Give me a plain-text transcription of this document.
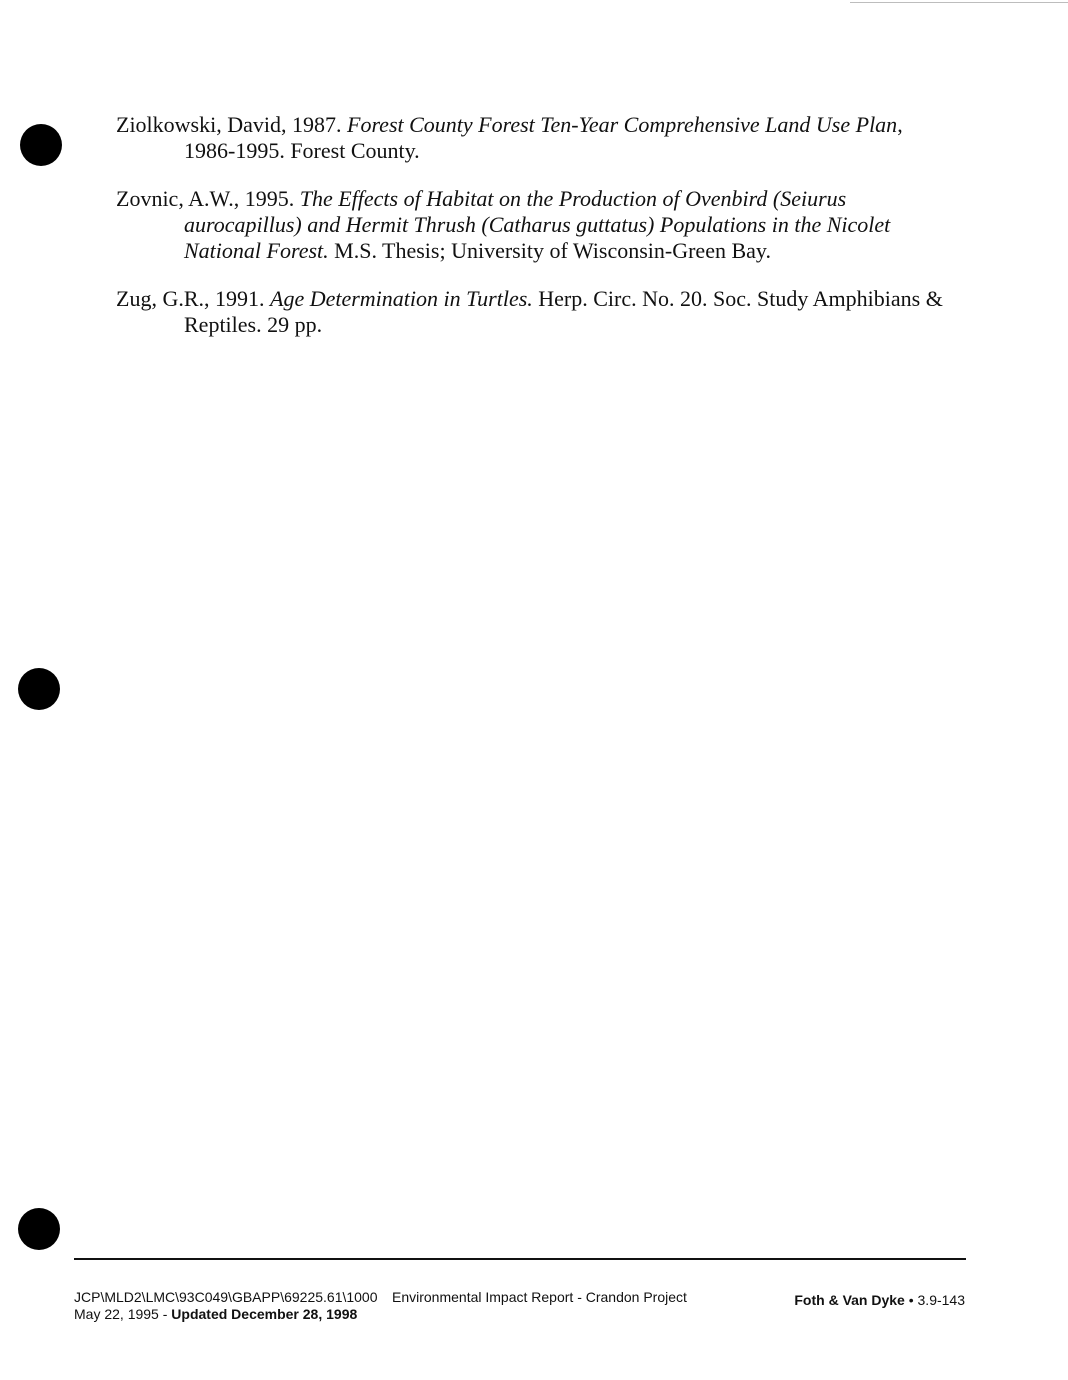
Ziolkowski, David, 1987. Forest County Forest Ten-Year Comprehensive Land Use Plan, 1986-1995. Forest County.

Zovnic, A.W., 1995. The Effects of Habitat on the Production of Ovenbird (Seiurus aurocapillus) and Hermit Thrush (Catharus guttatus) Populations in the Nicolet National Forest. M.S. Thesis; University of Wisconsin-Green Bay.

Zug, G.R., 1991. Age Determination in Turtles. Herp. Circ. No. 20. Soc. Study Amphibians & Reptiles. 29 pp.

JCP\MLD2\LMC\93C049\GBAPP\69225.61\1000
May 22, 1995 - Updated December 28, 1998
Environmental Impact Report - Crandon Project	Foth & Van Dyke • 3.9-143
